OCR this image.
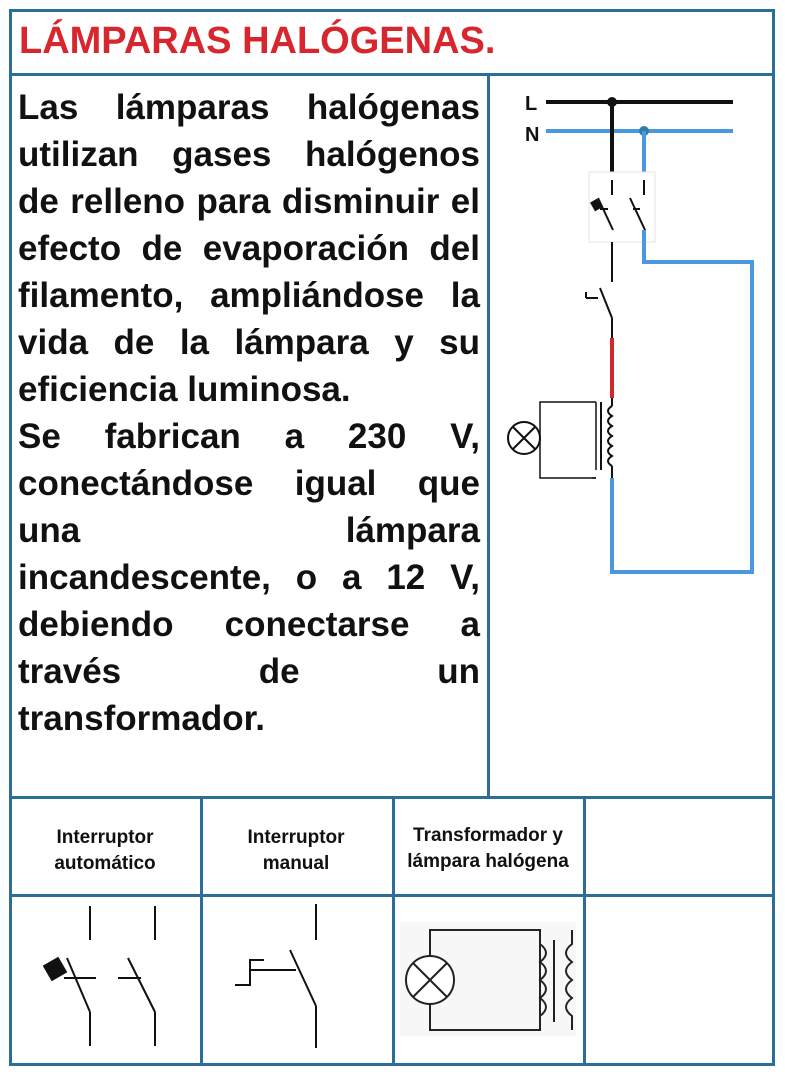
LÁMPARAS HALÓGENAS.

Las lámparas halógenas utilizan gases halógenos de relleno para disminuir el efecto de evaporación del filamento, ampliándose la vida de la lámpara y su eficiencia luminosa.

Se fabrican a 230 V, conectándose igual que una lámpara incandescente, o a 12 V, debiendo conectarse a través de un transformador.

L
N
Interruptor automático
Interruptor manual
Transformador y lámpara halógena
